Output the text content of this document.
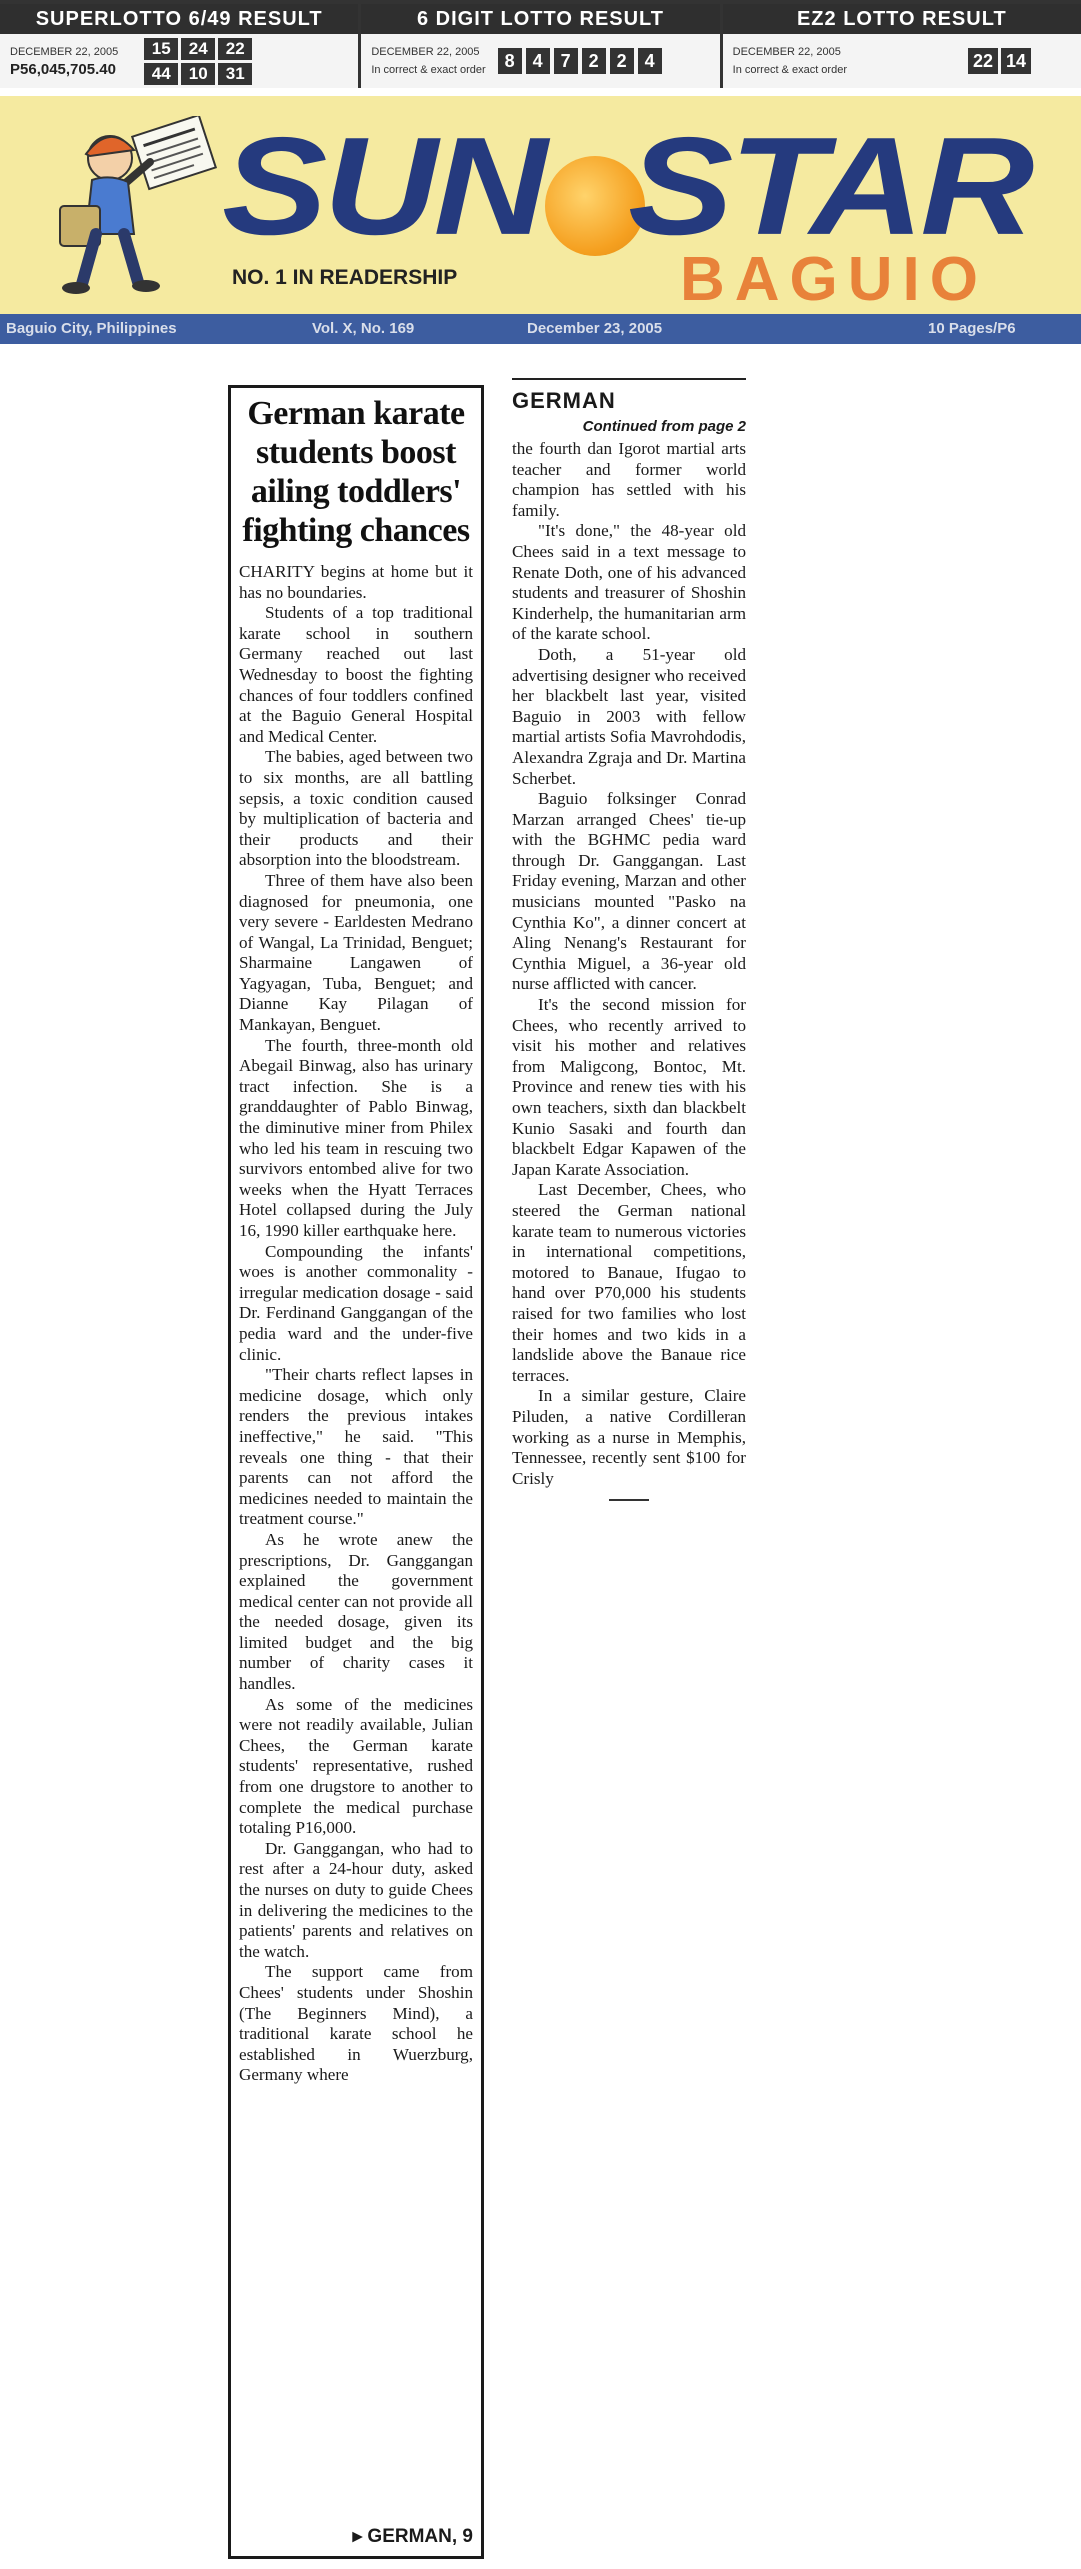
SUPERLOTTO 6/49 RESULT
DECEMBER 22, 2005
P56,045,705.40
15	24	22
44	10	31
6 DIGIT LOTTO RESULT
DECEMBER 22, 2005
In correct & exact order	8 4 7 2 2 4
EZ2 LOTTO RESULT
DECEMBER 22, 2005
In correct & exact order	22 14
SUN STAR
NO. 1 IN READERSHIP	BAGUIO
Baguio City, Philippines	Vol. X, No. 169	December 23, 2005	10 Pages/P6
German karate students boost ailing toddlers' fighting chances

CHARITY begins at home but it has no boundaries.

Students of a top traditional karate school in southern Germany reached out last Wednesday to boost the fighting chances of four toddlers confined at the Baguio General Hospital and Medical Center.

The babies, aged between two to six months, are all battling sepsis, a toxic condition caused by multiplication of bacteria and their products and their absorption into the bloodstream.

Three of them have also been diagnosed for pneumonia, one very severe - Earldesten Medrano of Wangal, La Trinidad, Benguet; Sharmaine Langawen of Yagyagan, Tuba, Benguet; and Dianne Kay Pilagan of Mankayan, Benguet.

The fourth, three-month old Abegail Binwag, also has urinary tract infection. She is a granddaughter of Pablo Binwag, the diminutive miner from Philex who led his team in rescuing two survivors entombed alive for two weeks when the Hyatt Terraces Hotel collapsed during the July 16, 1990 killer earthquake here.

Compounding the infants' woes is another commonality - irregular medication dosage - said Dr. Ferdinand Ganggangan of the pedia ward and the under-five clinic.

"Their charts reflect lapses in medicine dosage, which only renders the previous intakes ineffective," he said. "This reveals one thing - that their parents can not afford the medicines needed to maintain the treatment course."

As he wrote anew the prescriptions, Dr. Ganggangan explained the government medical center can not provide all the needed dosage, given its limited budget and the big number of charity cases it handles.

As some of the medicines were not readily available, Julian Chees, the German karate students' representative, rushed from one drugstore to another to complete the medical purchase totaling P16,000.

Dr. Ganggangan, who had to rest after a 24-hour duty, asked the nurses on duty to guide Chees in delivering the medicines to the patients' parents and relatives on the watch.

The support came from Chees' students under Shoshin (The Beginners Mind), a traditional karate school he established in Wuerzburg, Germany where

▸ GERMAN, 9
GERMAN
Continued from page 2

the fourth dan Igorot martial arts teacher and former world champion has settled with his family.

"It's done," the 48-year old Chees said in a text message to Renate Doth, one of his advanced students and treasurer of Shoshin Kinderhelp, the humanitarian arm of the karate school.

Doth, a 51-year old advertising designer who received her blackbelt last year, visited Baguio in 2003 with fellow martial artists Sofia Mavrohdodis, Alexandra Zgraja and Dr. Martina Scherbet.

Baguio folksinger Conrad Marzan arranged Chees' tie-up with the BGHMC pedia ward through Dr. Ganggangan. Last Friday evening, Marzan and other musicians mounted "Pasko na Cynthia Ko", a dinner concert at Aling Nenang's Restaurant for Cynthia Miguel, a 36-year old nurse afflicted with cancer.

It's the second mission for Chees, who recently arrived to visit his mother and relatives from Maligcong, Bontoc, Mt. Province and renew ties with his own teachers, sixth dan blackbelt Kunio Sasaki and fourth dan blackbelt Edgar Kapawen of the Japan Karate Association.

Last December, Chees, who steered the German national karate team to numerous victories in international competitions, motored to Banaue, Ifugao to hand over P70,000 his students raised for two families who lost their homes and two kids in a landslide above the Banaue rice terraces.

In a similar gesture, Claire Piluden, a native Cordilleran working as a nurse in Memphis, Tennessee, recently sent $100 for Crisly
